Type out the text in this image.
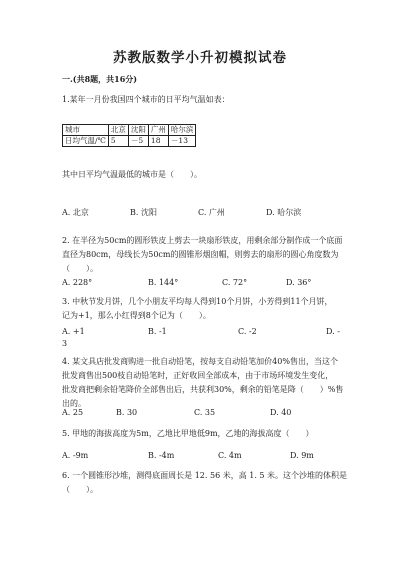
苏教版数学小升初模拟试卷
一.(共8题，共16分)
1.某年一月份我国四个城市的日平均气温如表：
城市	北京	沈阳	广州	哈尔滨
日均气温/℃	5	－5	18	－13
其中日平均气温最低的城市是（　　）。
A. 北京	B. 沈阳	C. 广州	D. 哈尔滨
2. 在半径为50cm的圆形铁皮上剪去一块扇形铁皮，用剩余部分制作成一个底面
直径为80cm，母线长为50cm的圆锥形烟囱帽，则剪去的扇形的圆心角度数为
（　　）。
A. 228°	B. 144°	C. 72°	D. 36°
3. 中秋节发月饼，几个小朋友平均每人得到10个月饼，小芳得到11个月饼，
记为+1，那么小红得到8个记为（　　）。
A. +1	B. -1	C. -2	D. -
3
4. 某文具店批发商购进一批自动铅笔，按每支自动铅笔加价40%售出，当这个
批发商售出500枝自动铅笔时，正好收回全部成本，由于市场环境发生变化，
批发商把剩余铅笔降价全部售出后，共获利30%，剩余的铅笔是降（　　）%售
出的。
A. 25	B. 30	C. 35	D. 40
5. 甲地的海拔高度为5m，乙地比甲地低9m，乙地的海拔高度（　　）
A. -9m	B. -4m	C. 4m	D. 9m
6. 一个圆锥形沙堆，测得底面周长是 12. 56 米，高 1. 5 米。这个沙堆的体积是
（　　）。
